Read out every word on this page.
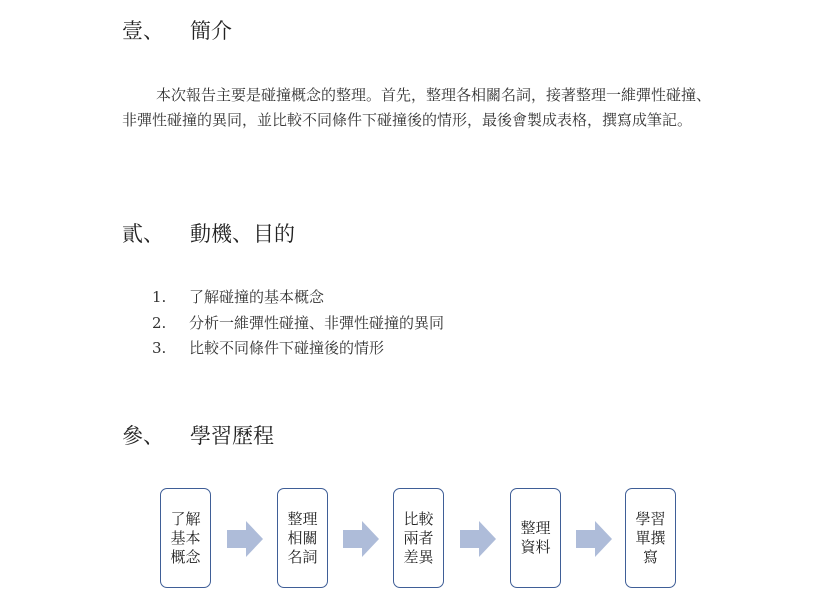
壹、 簡介

本次報告主要是碰撞概念的整理。首先，整理各相關名詞，接著整理一維彈性碰撞、非彈性碰撞的異同，並比較不同條件下碰撞後的情形，最後會製成表格，撰寫成筆記。

貳、 動機、目的
1. 了解碰撞的基本概念
2. 分析一維彈性碰撞、非彈性碰撞的異同
3. 比較不同條件下碰撞後的情形
參、 學習歷程
了解基本概念
整理相關名詞
比較兩者差異
整理資料
學習單撰寫
